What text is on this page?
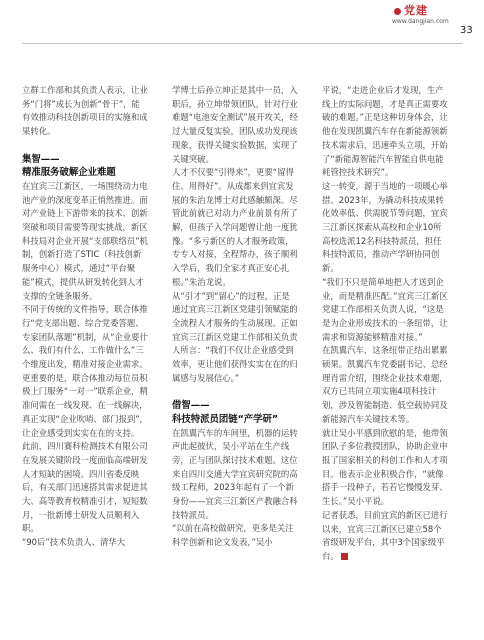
党建
www.dangjian.com
33

立群工作部和其负责人表示，让业务“门将”成长为创新“骨干”，能有效推动科技创新项目的实施和成果转化。

集智——

精准服务破解企业难题

在宜宾三江新区，一场围绕动力电池产业的深度变革正悄然推进。面对产业链上下游带来的技术、创新突破和项目需要等现实挑战，新区科技局对企业开展“支部联络员”机制，创新打造了STIC（科技创新服务中心）模式，通过“平台聚能”模式，提供从研发转化到人才支撑的全链条服务。

不同于传统的文件指导，联合体推行“党支部出题、综合党委答题、专家团队落题”机制，从“企业要什么、我们有什么、工作做什么”三个维度出发，精准对接企业需求。更重要的是，联合体推动每位员积极上门服务“一对一”联系企业，精准问需在一线发现、在一线解决，真正实现“企业吹哨、部门报到”，让企业感受到实实在在的支持。

此前，四川赛科检测技术有限公司在发展关键阶段一度面临高端研发人才短缺的困境。四川省委反映后，有关部门迅速搭其需求促进其大、高等教育校精准引才，短短数月，一批新博士研发人员顺利入职。

“90后”技术负责人、清华大

学博士后孙立坤正是其中一员，入职后，孙立坤带领团队，针对行业难题“电池安全测试”展开攻关，经过大量反复实验，团队成功发现该现象，获得关键实验数据，实现了关键突破。

人才不仅要“引得来”，更要“留得住、用得好”。从成都来到宜宾发展的朱治龙博士对此感触颇深。尽管此前就已对动力产业前景有所了解，但孩子入学问题曾让他一度犹豫。“多亏新区的人才服务政策，专专人对接，全程帮办，孩子顺利入学后，我们全家才真正安心扎根。”朱治龙说。

从“引才”到“留心”的过程，正是通过宜宾三江新区党建引领赋能的全流程人才服务的生动展现。正如宜宾三江新区党建工作部相关负责人所言：“我们不仅让企业感受到效率，更让他们获得实实在在的归属感与发展信心。”

借智——

科技特派员团链“产学研”

在凯翼汽车的车间里，机器的运转声此起彼伏，吴小平站在生产线旁，正与团队探讨技术难题。这位来自四川交通大学宜宾研究院的高级工程师，2023年起有了一个新身份——宜宾三江新区产教融合科技特派员。

“以前在高校做研究，更多是关注科学创新和论文发表，”吴小

平说，“走进企业后才发现，生产线上的实际问题，才是真正需要攻破的难题。”正是这种切身体会，让他在发现凯翼汽车存在新能源领新技术需求后，迅速牵头立项，开始了“新能源智能汽车智能自供电能耗管控技术研究”。

这一转变，源于当地的一项暖心举措。2023年，为撬动科技成果转化效率低、供需脱节等问题，宜宾三江新区探索从高校和企业10所高校选派12名科技特派员，担任科技特派员，推动产学研协同创新。

“我们不只是简单地把人才送到企业，而是精准匹配。”宜宾三江新区党建工作部相关负责人说，“这是是为企业形成技术的一条纽带，让需求和资源能够精准对接。”

在凯翼汽车，这条纽带正结出累累硕果。凯翼汽车党委副书记、总经理肖雷介绍，围绕企业技术难题，双方已共同立项实施4项科技计划，涉及智能制造、低空载协同及新能源汽车关键技术等。

就让吴小平感到欣慰的是，他带领团队子多位教授团队，协助企业申报了国家相关的科创工作和人才项目。他表示企业积极合作，“就像搭手一段种子，若若它慢慢发芽、生长。”吴小平说。

记者获悉，目前宜宾的新区已进行以来，宜宾三江新区已建立58个省级研发平台，其中3个国家级平台。
